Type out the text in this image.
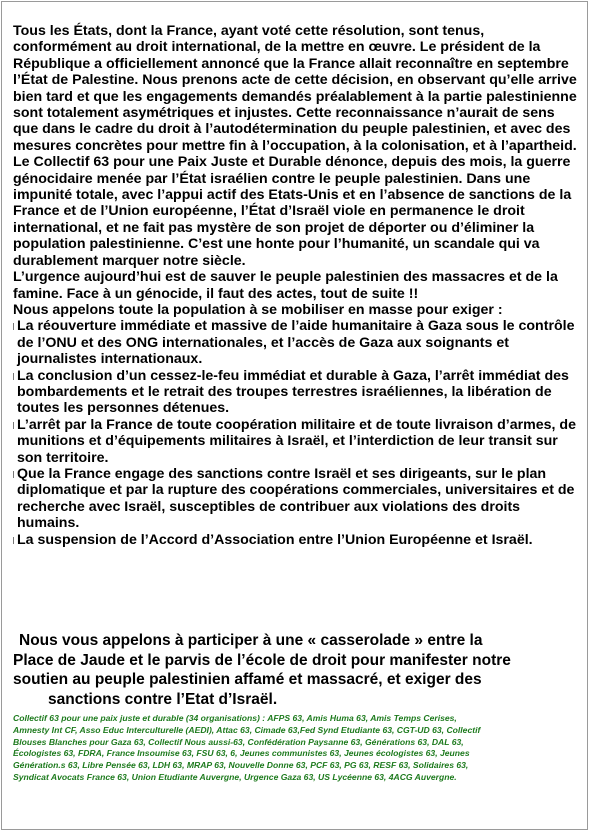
Tous les États, dont la France, ayant voté cette résolution, sont tenus, conformément au droit international, de la mettre en œuvre. Le président de la République a officiellement annoncé que la France allait reconnaître en septembre l’État de Palestine. Nous prenons acte de cette décision, en observant qu’elle arrive bien tard et que les engagements demandés préalablement à la partie palestinienne sont totalement asymétriques et injustes. Cette reconnaissance n’aurait de sens que dans le cadre du droit à l’autodétermination du peuple palestinien, et avec des mesures concrètes pour mettre fin à l’occupation, à la colonisation, et à l’apartheid.

Le Collectif 63 pour une Paix Juste et Durable dénonce, depuis des mois, la guerre génocidaire menée par l’État israélien contre le peuple palestinien. Dans une impunité totale, avec l’appui actif des Etats-Unis et en l’absence de sanctions de la France et de l’Union européenne, l’État d’Israël viole en permanence le droit international, et ne fait pas mystère de son projet de déporter ou d’éliminer la population palestinienne. C’est une honte pour l’humanité, un scandale qui va durablement marquer notre siècle.

L’urgence aujourd’hui est de sauver le peuple palestinien des massacres et de la famine. Face à un génocide, il faut des actes, tout de suite !!

Nous appelons toute la population à se mobiliser en masse pour exiger :

La réouverture immédiate et massive de l’aide humanitaire à Gaza sous le contrôle de l’ONU et des ONG internationales, et l’accès de Gaza aux soignants et journalistes internationaux.
La conclusion d’un cessez-le-feu immédiat et durable à Gaza, l’arrêt immédiat des bombardements et le retrait des troupes terrestres israéliennes, la libération de toutes les personnes détenues.
L’arrêt par la France de toute coopération militaire et de toute livraison d’armes, de munitions et d’équipements militaires à Israël, et l’interdiction de leur transit sur son territoire.
Que la France engage des sanctions contre Israël et ses dirigeants, sur le plan diplomatique et par la rupture des coopérations commerciales, universitaires et de recherche avec Israël, susceptibles de contribuer aux violations des droits humains.
La suspension de l’Accord d’Association entre l’Union Européenne et Israël.
Nous vous appelons à participer à une « casserolade » entre la
Place de Jaude et le parvis de l’école de droit pour manifester notre
soutien au peuple palestinien affamé et massacré, et exiger des
sanctions contre l’Etat d’Israël.
Collectif 63 pour une paix juste et durable (34 organisations) : AFPS 63, Amis Huma 63, Amis Temps Cerises, Amnesty Int CF, Asso Educ Interculturelle (AEDI), Attac 63, Cimade 63,Fed Synd Etudiante 63, CGT-UD 63, Collectif Blouses Blanches pour Gaza 63, Collectif Nous aussi-63, Confédération Paysanne 63, Générations 63, DAL 63, Écologistes 63, FDRA, France Insoumise 63, FSU 63, 6, Jeunes communistes 63, Jeunes écologistes 63, Jeunes Génération.s 63, Libre Pensée 63, LDH 63, MRAP 63, Nouvelle Donne 63, PCF 63, PG 63, RESF 63, Solidaires 63, Syndicat Avocats France 63, Union Etudiante Auvergne, Urgence Gaza 63, US Lycéenne 63, 4ACG Auvergne.
